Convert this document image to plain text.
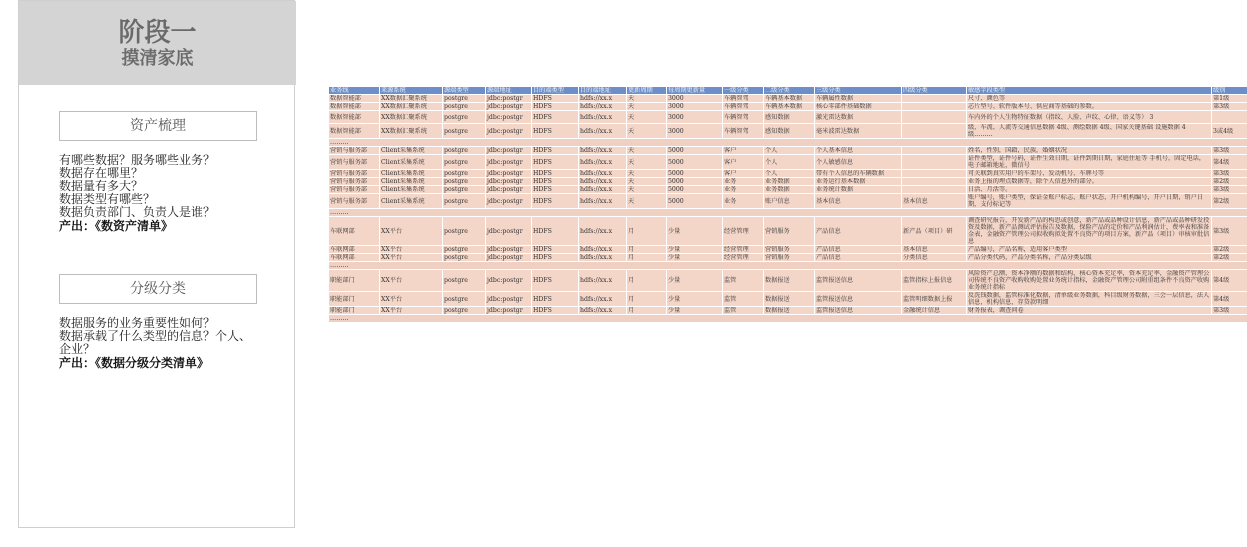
阶段一
摸清家底
资产梳理
有哪些数据？服务哪些业务？
数据存在哪里？
数据量有多大？
数据类型有哪些？
数据负责部门、负责人是谁？
产出：《数资产清单》
分级分类
数据服务的业务重要性如何？
数据承载了什么类型的信息？个人、
企业？
产出：《数据分级分类清单》
业务线	来源系统	源端类型	源端地址	目的端类型	目的端地址	更新周期	每周期更新量	一级分类	二级分类	三级分类	四级分类	敏感字段类型	级别
数据智能部	XX数据汇聚系统	postgre	jdbc:postgr	HDFS	hdfs://xx.x	天	3000	车辆智驾	车辆基本数据	车辆属性数据		尺寸、颜色等	第1级
数据智能部	XX数据汇聚系统	postgre	jdbc:postgr	HDFS	hdfs://xx.x	天	3000	车辆智驾	车辆基本数据	核心零部件基础数据		芯片型号、软件版本号、供应商等基础的参数。	第3级
数据智能部	XX数据汇聚系统	postgre	jdbc:postgr	HDFS	hdfs://xx.x	天	3000	车辆智驾	感知数据	激光雷达数据		车内外的个人生物特征数据（指纹、人脸、声纹、心律、语义等） 3	
数据智能部	XX数据汇聚系统	postgre	jdbc:postgr	HDFS	hdfs://xx.x	天	3000	车辆智驾	感知数据	毫米波雷达数据		级、车流、人流等交通信息数据 4级、测绘数据 4级、国家关键基础 设施数据 4级………	3或4级
………													
营销与服务部	Client采集系统	postgre	jdbc:postgr	HDFS	hdfs://xx.x	天	5000	客户	个人	个人基本信息		姓名，性别，国籍，民族，婚姻状况	第3级
营销与服务部	Client采集系统	postgre	jdbc:postgr	HDFS	hdfs://xx.x	天	5000	客户	个人	个人敏感信息		证件类型，证件号码，证件生效日期，证件到期日期，家庭住址等 手机号，固定电话，电子邮箱地址，微信号	第4级
营销与服务部	Client采集系统	postgre	jdbc:postgr	HDFS	hdfs://xx.x	天	5000	客户	个人	带有个人信息的车辆数据		可关联到真实用户的车架号、发动机号、车牌号等	第3级
营销与服务部	Client采集系统	postgre	jdbc:postgr	HDFS	hdfs://xx.x	天	5000	业务	业务数据	业务运行基本数据		业务上报的埋点数据等，除个人信息外的部分。	第2级
营销与服务部	Client采集系统	postgre	jdbc:postgr	HDFS	hdfs://xx.x	天	5000	业务	业务数据	业务统计数据		日活、月活等。	第3级
营销与服务部	Client采集系统	postgre	jdbc:postgr	HDFS	hdfs://xx.x	天	5000	业务	账户信息	基本信息	基本信息	账户编号，账户类型，保证金账户标志，账户状态，开户机构编号，开户日期，销户日期，支付标记等	第2级
………													
车联网部	XX平台	postgre	jdbc:postgr	HDFS	hdfs://xx.x	月	少量	经营管理	营销服务	产品信息	新产品（项目）研	调查研究报告，开发新产品的构思或创意，新产品或品种设计信息，新产品或品种研发投资及数据，新产品测试评估报告及数据，保险产品的定价和产品利润估计，费率表和准备金表，金融资产管理公司拟收购拟处置不良资产的项目方案，新产品（项目）审核审批信息	第3级
车联网部	XX平台	postgre	jdbc:postgr	HDFS	hdfs://xx.x	月	少量	经营管理	营销服务	产品信息	基本信息	产品编号，产品名称，适用客户类型	第2级
车联网部	XX平台	postgre	jdbc:postgr	HDFS	hdfs://xx.x	月	少量	经营管理	营销服务	产品信息	分类信息	产品分类代码，产品分类名称，产品分类层级	第2级
………													
职能部门	XX平台	postgre	jdbc:postgr	HDFS	hdfs://xx.x	月	少量	监管	数据报送	监管报送信息	监管指标上报信息	风险资产总额，资本净额的数据和结构，核心资本充足率，资本充足率，金融资产管理公司传统不良资产收购收购处置业务统计指标，金融资产管理公司附重组条件不良资产收购业务统计指标	第4级
职能部门	XX平台	postgre	jdbc:postgr	HDFS	hdfs://xx.x	月	少量	监管	数据报送	监管报送信息	监管明细数据上报	反洗钱数据，监管标准化数据，清单级业务数据，科目级财务数据，三会一层信息，法人信息，机构信息，存贷款明细	第4级
职能部门	XX平台	postgre	jdbc:postgr	HDFS	hdfs://xx.x	月	少量	监管	数据报送	监管报送信息	金融统计信息	财务报表，调查问卷	第3级
………													
